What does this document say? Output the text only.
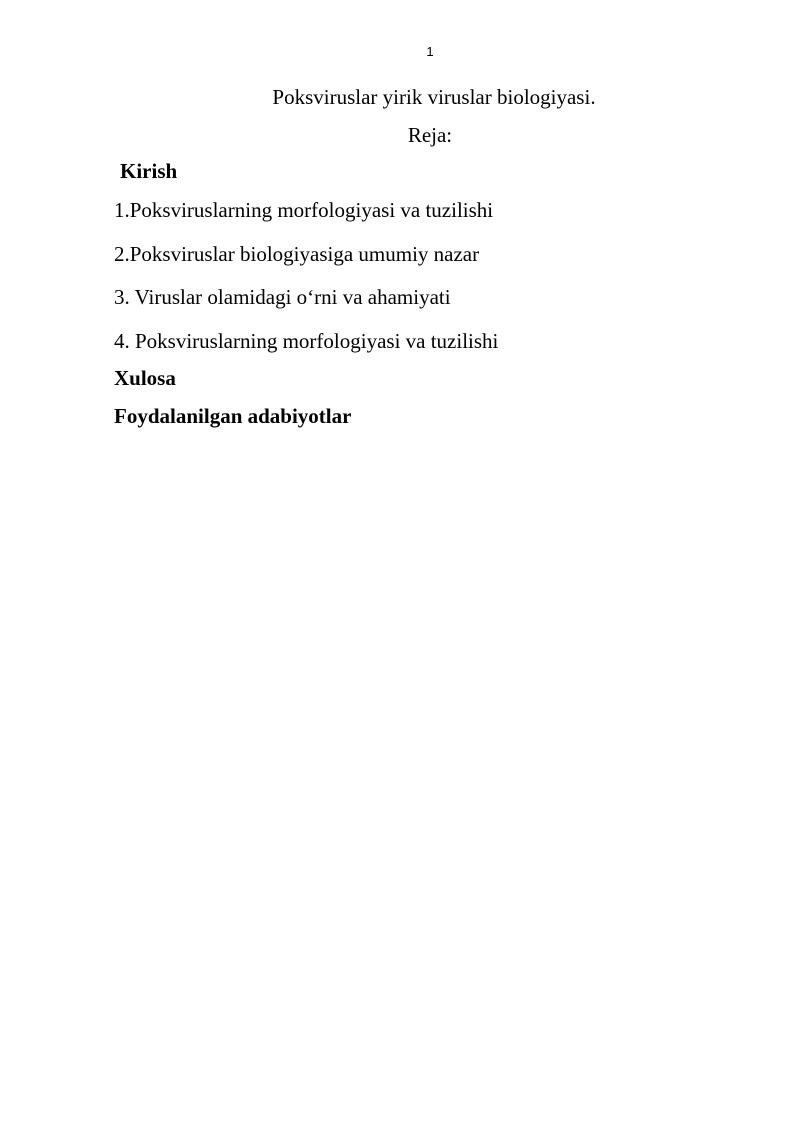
1
Poksviruslar yirik viruslar biologiyasi.
Reja:
Kirish
1.Poksviruslarning morfologiyasi va tuzilishi
2.Poksviruslar biologiyasiga umumiy nazar
3. Viruslar olamidagi o‘rni va ahamiyati
4. Poksviruslarning morfologiyasi va tuzilishi
Xulosa
Foydalanilgan adabiyotlar
